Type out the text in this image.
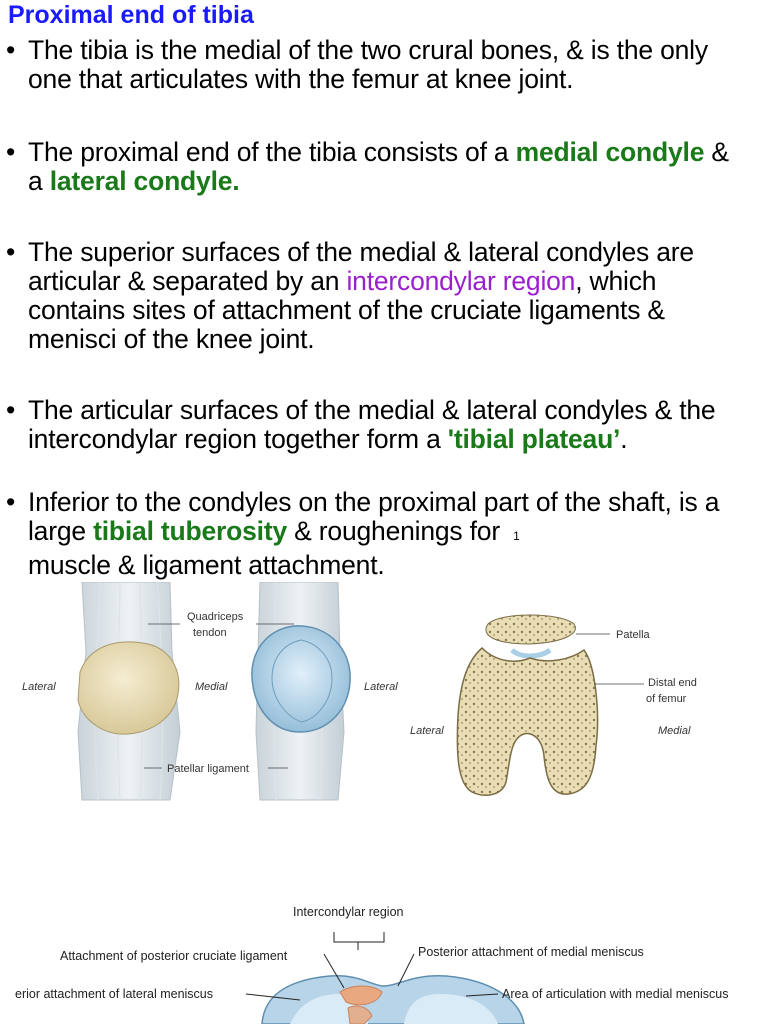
Proximal end of tibia
• The tibia is the medial of the two crural bones, & is the only one that articulates with the femur at knee joint.
• The proximal end of the tibia consists of a medial condyle & a lateral condyle.
• The superior surfaces of the medial & lateral condyles are articular & separated by an intercondylar region, which contains sites of attachment of the cruciate ligaments & menisci of the knee joint.
• The articular surfaces of the medial & lateral condyles & the intercondylar region together form a 'tibial plateau’.
• Inferior to the condyles on the proximal part of the shaft, is a large tibial tuberosity & roughenings for 1
muscle & ligament attachment.
Quadriceps
tendon
Lateral	Medial	Lateral
Patellar ligament
Patella
Distal end
of femur
Lateral	Medial
Intercondylar region
Attachment of posterior cruciate ligament	Posterior attachment of medial meniscus
erior attachment of lateral meniscus	Area of articulation with medial meniscus
